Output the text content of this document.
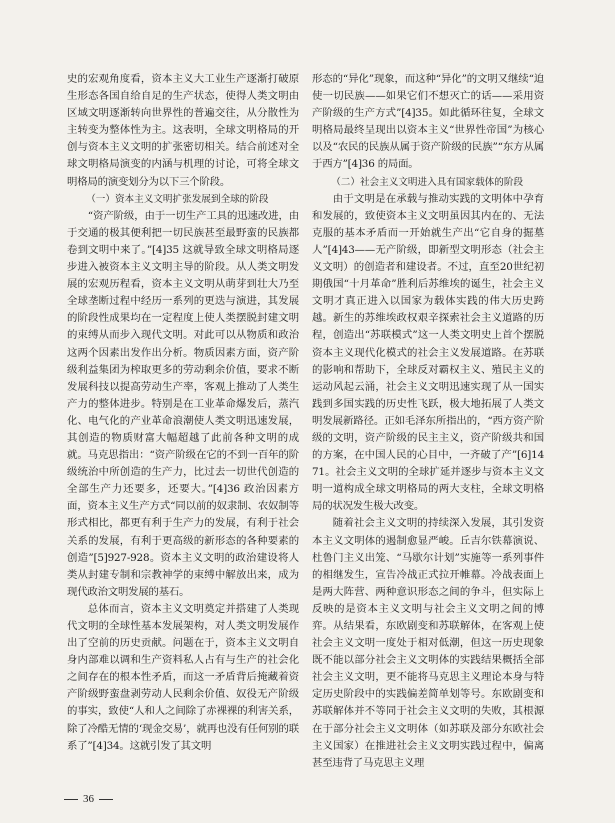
史的宏观角度看，资本主义大工业生产逐渐打破原生形态各国自给自足的生产状态，使得人类文明由区域文明逐渐转向世界性的普遍交往，从分散性为主转变为整体性为主。这表明，全球文明格局的开创与资本主义文明的扩张密切相关。结合前述对全球文明格局演变的内涵与机理的讨论，可将全球文明格局的演变划分为以下三个阶段。

（一）资本主义文明扩张发展到全球的阶段

“资产阶级，由于一切生产工具的迅速改进，由于交通的极其便利把一切民族甚至最野蛮的民族都卷到文明中来了。”[4]35 这就导致全球文明格局逐步进入被资本主义文明主导的阶段。从人类文明发展的宏观历程看，资本主义文明从萌芽到壮大乃至全球垄断过程中经历一系列的更迭与演进，其发展的阶段性成果均在一定程度上使人类摆脱封建文明的束缚从而步入现代文明。对此可以从物质和政治这两个因素出发作出分析。物质因素方面，资产阶级利益集团为榨取更多的劳动剩余价值，要求不断发展科技以提高劳动生产率，客观上推动了人类生产力的整体进步。特别是在工业革命爆发后，蒸汽化、电气化的产业革命浪潮使人类文明迅速发展，其创造的物质财富大幅超越了此前各种文明的成就。马克思指出：“资产阶级在它的不到一百年的阶级统治中所创造的生产力，比过去一切世代创造的全部生产力还要多，还要大。”[4]36 政治因素方面，资本主义生产方式“同以前的奴隶制、农奴制等形式相比，都更有利于生产力的发展，有利于社会关系的发展，有利于更高级的新形态的各种要素的创造”[5]927-928。资本主义文明的政治建设将人类从封建专制和宗教神学的束缚中解放出来，成为现代政治文明发展的基石。

总体而言，资本主义文明奠定并搭建了人类现代文明的全球性基本发展架构，对人类文明发展作出了空前的历史贡献。问题在于，资本主义文明自身内部难以调和生产资料私人占有与生产的社会化之间存在的根本性矛盾，而这一矛盾背后掩藏着资产阶级野蛮盘剥劳动人民剩余价值、奴役无产阶级的事实，致使“人和人之间除了赤裸裸的利害关系，除了冷酷无情的‘现金交易’，就再也没有任何别的联系了”[4]34。这就引发了其文明

形态的“异化”现象，而这种“异化”的文明又继续“迫使一切民族——如果它们不想灭亡的话——采用资产阶级的生产方式”[4]35。如此循环往复，全球文明格局最终呈现出以资本主义“世界性帝国”为核心以及“农民的民族从属于资产阶级的民族”“东方从属于西方”[4]36 的局面。

（二）社会主义文明进入具有国家载体的阶段

由于文明是在承载与推动实践的文明体中孕育和发展的，致使资本主义文明虽因其内在的、无法克服的基本矛盾而一开始就生产出“它自身的掘墓人”[4]43——无产阶级，即新型文明形态（社会主义文明）的创造者和建设者。不过，直至20世纪初期俄国“十月革命”胜利后苏维埃的诞生，社会主义文明才真正进入以国家为载体实践的伟大历史跨越。新生的苏维埃政权艰辛探索社会主义道路的历程，创造出“苏联模式”这一人类文明史上首个摆脱资本主义现代化模式的社会主义发展道路。在苏联的影响和帮助下，全球反对霸权主义、殖民主义的运动风起云涌，社会主义文明迅速实现了从一国实践到多国实践的历史性飞跃，极大地拓展了人类文明发展新路径。正如毛泽东所指出的，“西方资产阶级的文明，资产阶级的民主主义，资产阶级共和国的方案，在中国人民的心目中，一齐破了产”[6]1471。社会主义文明的全球扩延并逐步与资本主义文明一道构成全球文明格局的两大支柱，全球文明格局的状况发生极大改变。

随着社会主义文明的持续深入发展，其引发资本主义文明体的遏制愈显严峻。丘吉尔铁幕演说、杜鲁门主义出笼、“马歇尔计划”实施等一系列事件的相继发生，宣告冷战正式拉开帷幕。冷战表面上是两大阵营、两种意识形态之间的争斗，但实际上反映的是资本主义文明与社会主义文明之间的博弈。从结果看，东欧剧变和苏联解体，在客观上使社会主义文明一度处于相对低潮，但这一历史现象既不能以部分社会主义文明体的实践结果概括全部社会主义文明，更不能将马克思主义理论本身与特定历史阶段中的实践偏差简单划等号。东欧剧变和苏联解体并不等同于社会主义文明的失败，其根源在于部分社会主义文明体（如苏联及部分东欧社会主义国家）在推进社会主义文明实践过程中，偏离甚至违背了马克思主义理

36
